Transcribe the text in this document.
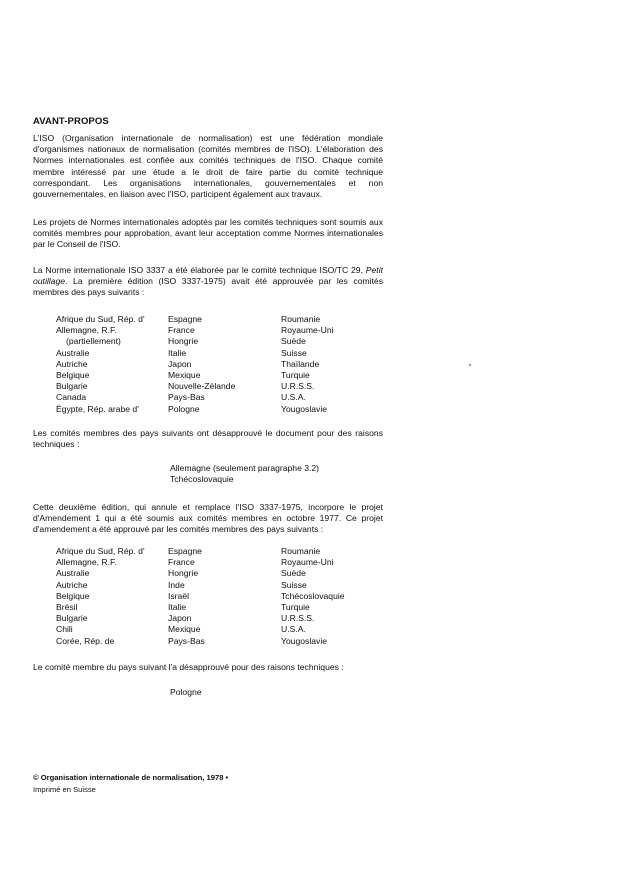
AVANT-PROPOS

L'ISO (Organisation internationale de normalisation) est une fédération mondiale d'organismes nationaux de normalisation (comités membres de l'ISO). L'élaboration des Normes internationales est confiée aux comités techniques de l'ISO. Chaque comité membre intéressé par une étude a le droit de faire partie du comité technique correspondant. Les organisations internationales, gouvernementales et non gouvernementales, en liaison avec l'ISO, participent également aux travaux.

Les projets de Normes internationales adoptés par les comités techniques sont soumis aux comités membres pour approbation, avant leur acceptation comme Normes internationales par le Conseil de l'ISO.

La Norme internationale ISO 3337 a été élaborée par le comité technique ISO/TC 29, Petit outillage. La première édition (ISO 3337-1975) avait été approuvée par les comités membres des pays suivants :

Afrique du Sud, Rép. d'
Allemagne, R.F.
(partiellement)
Australie
Autriche
Belgique
Bulgarie
Canada
Égypte, Rép. arabe d'
Espagne
France
Hongrie
Italie
Japon
Mexique
Nouvelle-Zélande
Pays-Bas
Pologne
Roumanie
Royaume-Uni
Suède
Suisse
Thaïlande
Turquie
U.R.S.S.
U.S.A.
Yougoslavie

Les comités membres des pays suivants ont désapprouvé le document pour des raisons techniques :

Allemagne (seulement paragraphe 3.2)
Tchécoslovaquie

Cette deuxième édition, qui annule et remplace l'ISO 3337-1975, incorpore le projet d'Amendement 1 qui a été soumis aux comités membres en octobre 1977. Ce projet d'amendement a été approuvé par les comités membres des pays suivants :

Afrique du Sud, Rép. d'
Allemagne, R.F.
Australie
Autriche
Belgique
Brésil
Bulgarie
Chili
Corée, Rép. de
Espagne
France
Hongrie
Inde
Israël
Italie
Japon
Mexique
Pays-Bas
Roumanie
Royaume-Uni
Suède
Suisse
Tchécoslovaquie
Turquie
U.R.S.S.
U.S.A.
Yougoslavie

Le comité membre du pays suivant l'a désapprouvé pour des raisons techniques :

Pologne
© Organisation internationale de normalisation, 1978 •
Imprimé en Suisse
